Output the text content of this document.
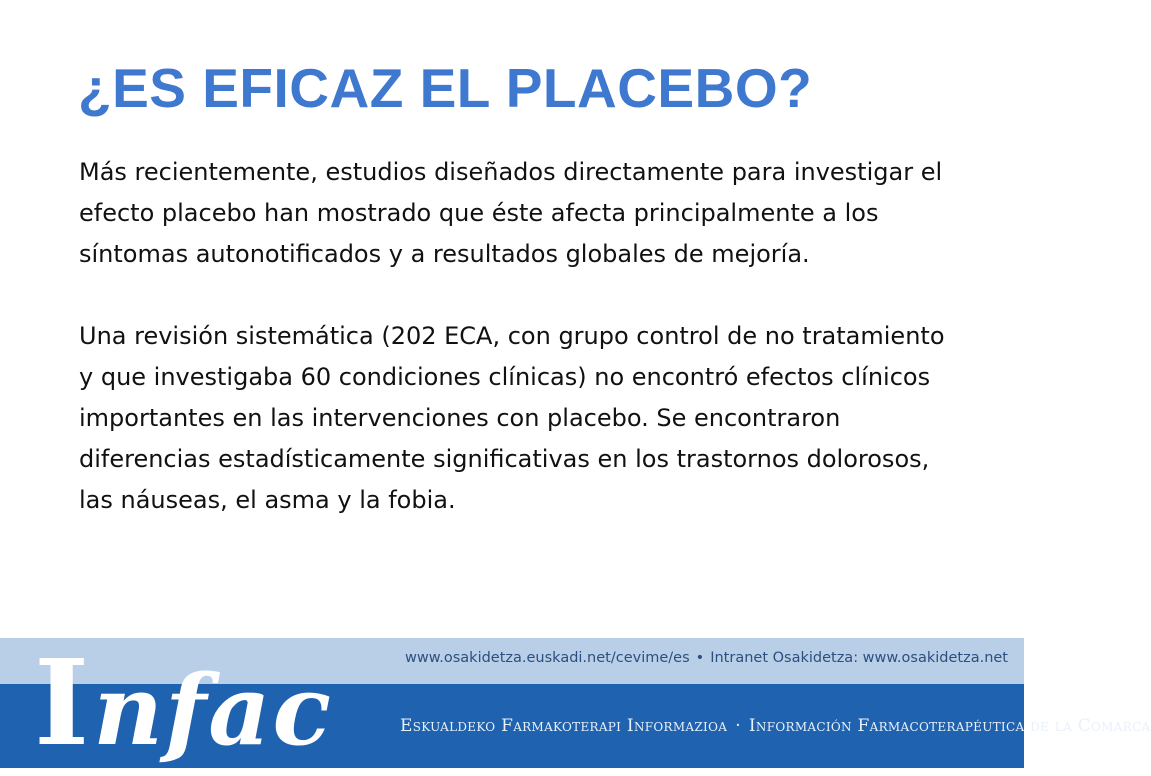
¿ES EFICAZ EL PLACEBO?

Más recientemente, estudios diseñados directamente para investigar el efecto placebo han mostrado que éste afecta principalmente a los síntomas autonotificados y a resultados globales de mejoría.

Una revisión sistemática (202 ECA, con grupo control de no tratamiento y que investigaba 60 condiciones clínicas) no encontró efectos clínicos importantes en las intervenciones con placebo. Se encontraron diferencias estadísticamente significativas en los trastornos dolorosos, las náuseas, el asma y la fobia.

Infac	www.osakidetza.euskadi.net/cevime/es • Intranet Osakidetza: www.osakidetza.net
Eskualdeko Farmakoterapi Informazioa · Información Farmacoterapéutica de la Comarca
